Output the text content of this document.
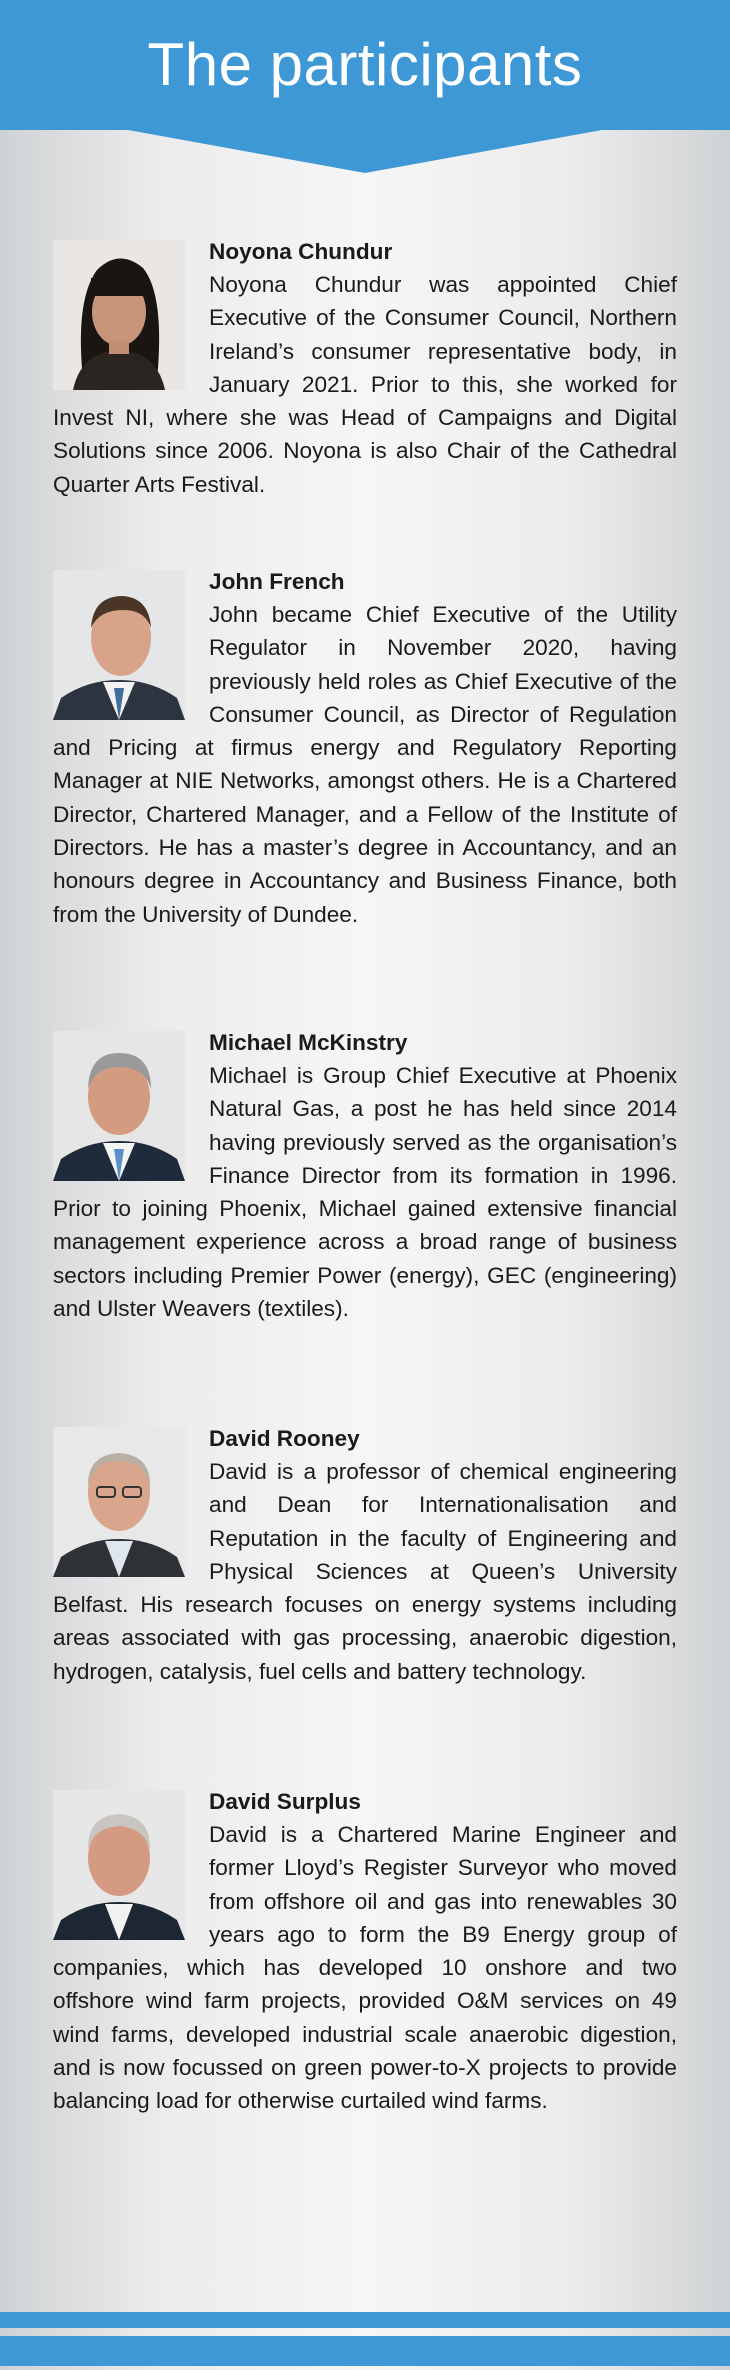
The participants
Noyona Chundur

Noyona Chundur was appointed Chief Executive of the Consumer Council, Northern Ireland’s consumer representative body, in January 2021. Prior to this, she worked for Invest NI, where she was Head of Campaigns and Digital Solutions since 2006. Noyona is also Chair of the Cathedral Quarter Arts Festival.

John French

John became Chief Executive of the Utility Regulator in November 2020, having previously held roles as Chief Executive of the Consumer Council, as Director of Regulation and Pricing at firmus energy and Regulatory Reporting Manager at NIE Networks, amongst others. He is a Chartered Director, Chartered Manager, and a Fellow of the Institute of Directors. He has a master’s degree in Accountancy, and an honours degree in Accountancy and Business Finance, both from the University of Dundee.

Michael McKinstry

Michael is Group Chief Executive at Phoenix Natural Gas, a post he has held since 2014 having previously served as the organisation’s Finance Director from its formation in 1996. Prior to joining Phoenix, Michael gained extensive financial management experience across a broad range of business sectors including Premier Power (energy), GEC (engineering) and Ulster Weavers (textiles).

David Rooney

David is a professor of chemical engineering and Dean for Internationalisation and Reputation in the faculty of Engineering and Physical Sciences at Queen’s University Belfast. His research focuses on energy systems including areas associated with gas processing, anaerobic digestion, hydrogen, catalysis, fuel cells and battery technology.

David Surplus

David is a Chartered Marine Engineer and former Lloyd’s Register Surveyor who moved from offshore oil and gas into renewables 30 years ago to form the B9 Energy group of companies, which has developed 10 onshore and two offshore wind farm projects, provided O&M services on 49 wind farms, developed industrial scale anaerobic digestion, and is now focussed on green power-to-X projects to provide balancing load for otherwise curtailed wind farms.
